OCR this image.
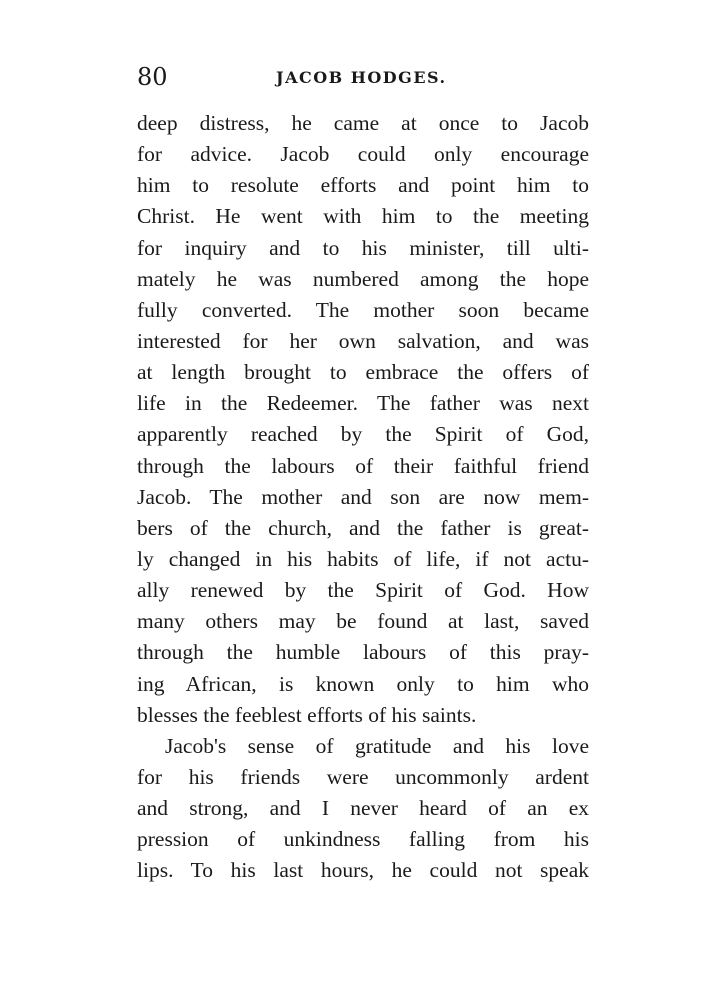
80	JACOB HODGES.
deep distress, he came at once to Jacob
for advice. Jacob could only encourage
him to resolute efforts and point him to
Christ. He went with him to the meeting
for inquiry and to his minister, till ulti-
mately he was numbered among the hope
fully converted. The mother soon became
interested for her own salvation, and was
at length brought to embrace the offers of
life in the Redeemer. The father was next
apparently reached by the Spirit of God,
through the labours of their faithful friend
Jacob. The mother and son are now mem-
bers of the church, and the father is great-
ly changed in his habits of life, if not actu-
ally renewed by the Spirit of God. How
many others may be found at last, saved
through the humble labours of this pray-
ing African, is known only to him who
blesses the feeblest efforts of his saints.
Jacob's sense of gratitude and his love
for his friends were uncommonly ardent
and strong, and I never heard of an ex
pression of unkindness falling from his
lips. To his last hours, he could not speak
